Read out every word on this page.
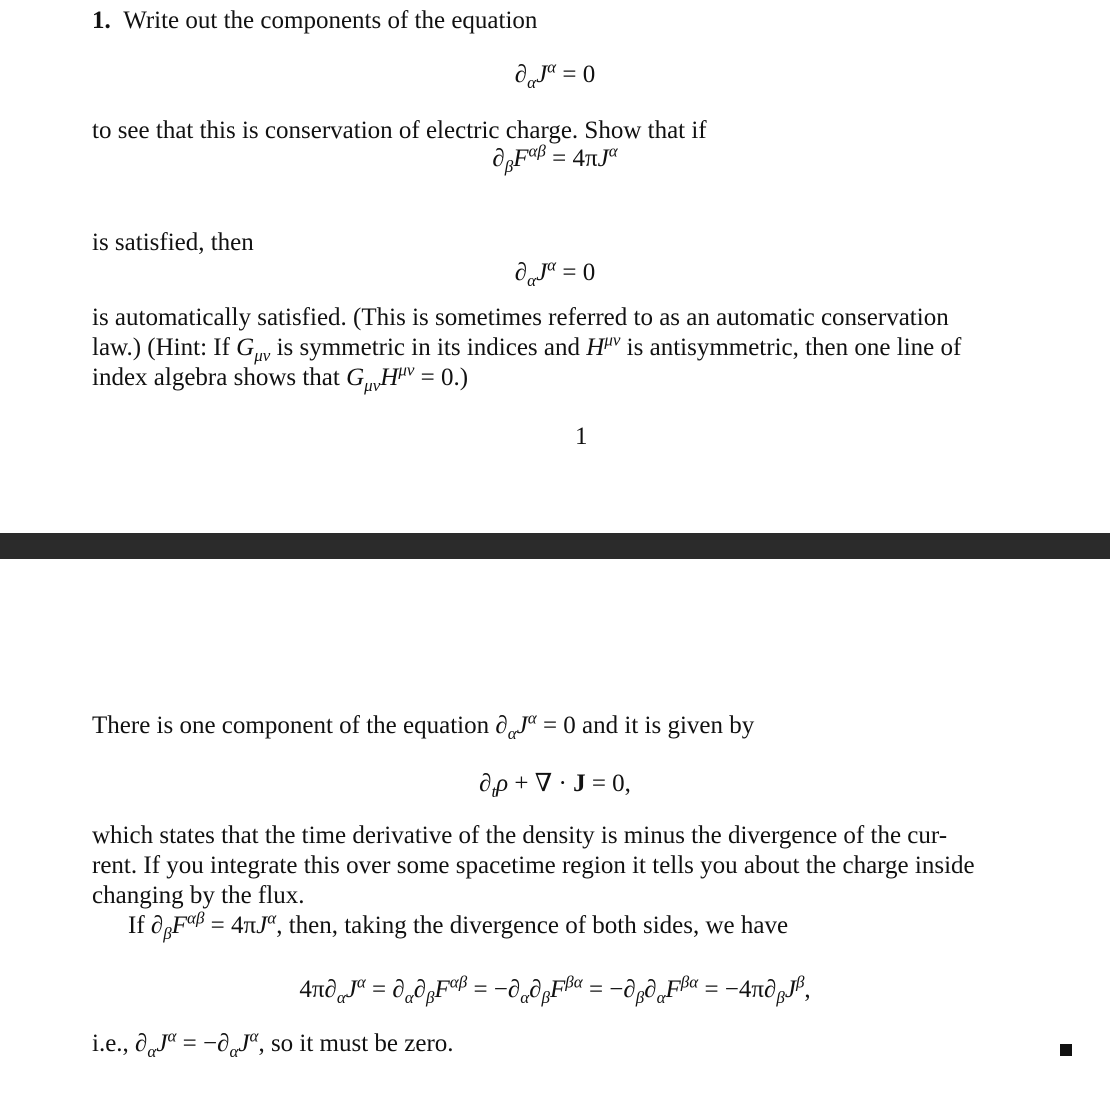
1. Write out the components of the equation
$\partial_\alpha J^\alpha = 0$
to see that this is conservation of electric charge. Show that if
$\partial_\beta F^{\alpha\beta} = 4\pi J^\alpha$
is satisfied, then
$\partial_\alpha J^\alpha = 0$
is automatically satisfied. (This is sometimes referred to as an automatic conservation
law.) (Hint: If $G_{\mu\nu}$ is symmetric in its indices and $H^{\mu\nu}$ is antisymmetric, then one line of
index algebra shows that $G_{\mu\nu}H^{\mu\nu} = 0$.)
1
There is one component of the equation $\partial_\alpha J^\alpha = 0$ and it is given by
$\partial_t\rho$ + ∇ · J = 0,
which states that the time derivative of the density is minus the divergence of the cur-
rent. If you integrate this over some spacetime region it tells you about the charge inside
changing by the flux.
If $\partial_\beta F^{\alpha\beta} = 4\pi J^\alpha$, then, taking the divergence of both sides, we have
$4\pi\partial_\alpha J^\alpha = \partial_\alpha\partial_\beta F^{\alpha\beta} = -\partial_\alpha\partial_\beta F^{\beta\alpha} = -\partial_\beta\partial_\alpha F^{\beta\alpha} = -4\pi\partial_\beta J^\beta$,
i.e., $\partial_\alpha J^\alpha = -\partial_\alpha J^\alpha$, so it must be zero.
